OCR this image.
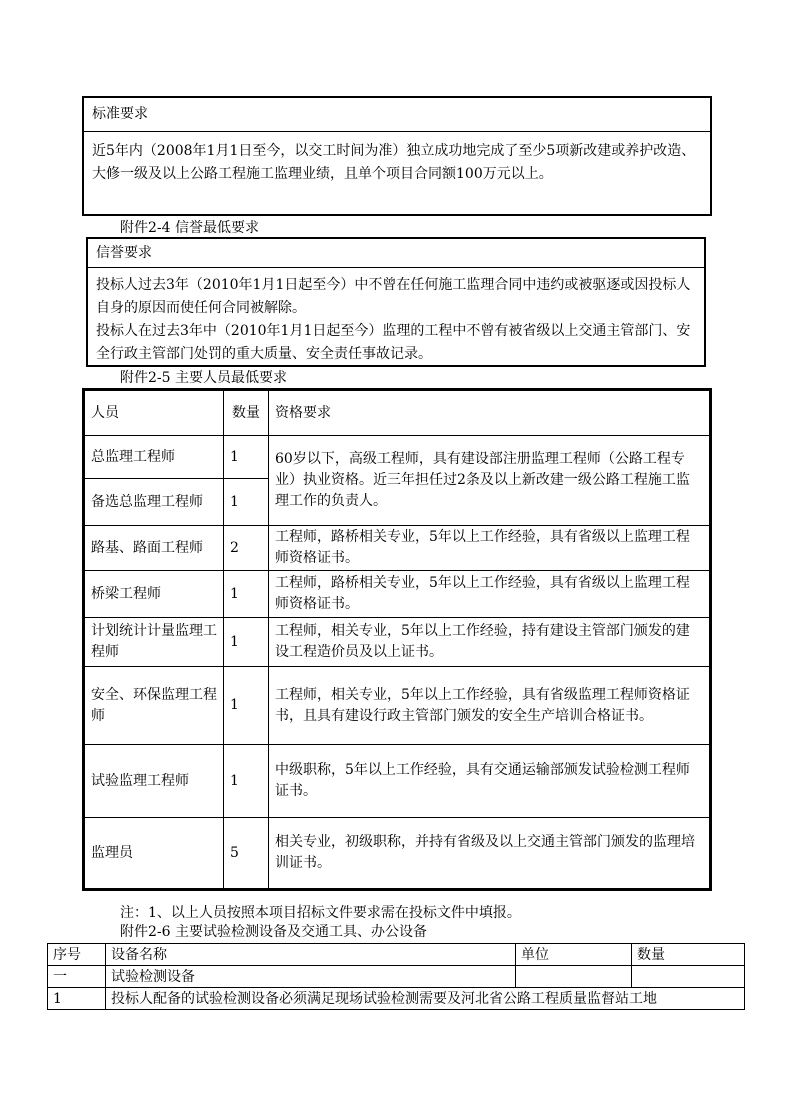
标准要求
近5年内（2008年1月1日至今，以交工时间为准）独立成功地完成了至少5项新改建或养护改造、大修一级及以上公路工程施工监理业绩，且单个项目合同额100万元以上。
附件2-4 信誉最低要求
信誉要求
投标人过去3年（2010年1月1日起至今）中不曾在任何施工监理合同中违约或被驱逐或因投标人自身的原因而使任何合同被解除。
投标人在过去3年中（2010年1月1日起至今）监理的工程中不曾有被省级以上交通主管部门、安全行政主管部门处罚的重大质量、安全责任事故记录。
附件2-5 主要人员最低要求
人员	数量	资格要求
总监理工程师	1	60岁以下，高级工程师，具有建设部注册监理工程师（公路工程专业）执业资格。近三年担任过2条及以上新改建一级公路工程施工监理工作的负责人。
备选总监理工程师	1	
路基、路面工程师	2	工程师，路桥相关专业，5年以上工作经验，具有省级以上监理工程师资格证书。
桥梁工程师	1	工程师，路桥相关专业，5年以上工作经验，具有省级以上监理工程师资格证书。
计划统计计量监理工程师	1	工程师，相关专业，5年以上工作经验，持有建设主管部门颁发的建设工程造价员及以上证书。
安全、环保监理工程师	1	工程师，相关专业，5年以上工作经验，具有省级监理工程师资格证书，且具有建设行政主管部门颁发的安全生产培训合格证书。
试验监理工程师	1	中级职称，5年以上工作经验，具有交通运输部颁发试验检测工程师证书。
监理员	5	相关专业，初级职称，并持有省级及以上交通主管部门颁发的监理培训证书。
注：1、以上人员按照本项目招标文件要求需在投标文件中填报。
附件2-6 主要试验检测设备及交通工具、办公设备
序号	设备名称	单位	数量
一	试验检测设备		
1	投标人配备的试验检测设备必须满足现场试验检测需要及河北省公路工程质量监督站工地		
